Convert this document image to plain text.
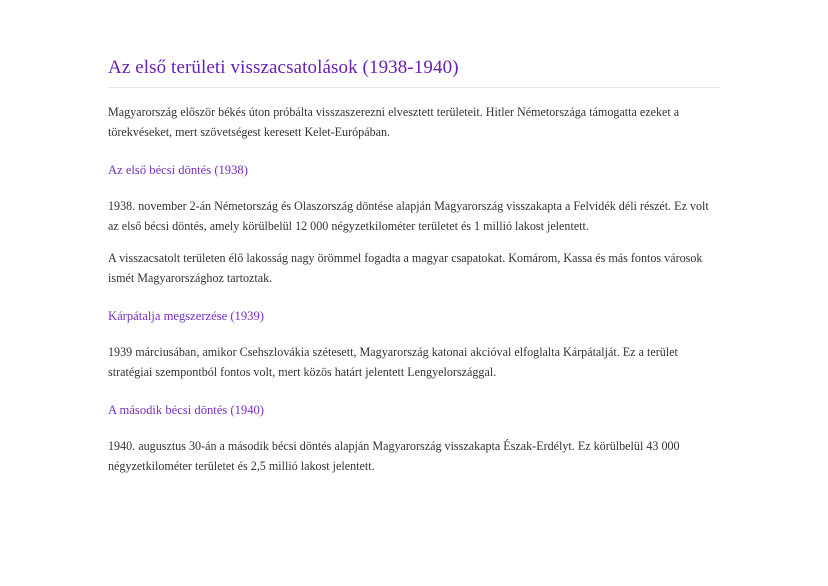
Az első területi visszacsatolások (1938-1940)

Magyarország először békés úton próbálta visszaszerezni elvesztett területeit. Hitler Németországa támogatta ezeket a törekvéseket, mert szövetségest keresett Kelet-Európában.

Az első bécsi döntés (1938)

1938. november 2-án Németország és Olaszország döntése alapján Magyarország visszakapta a Felvidék déli részét. Ez volt az első bécsi döntés, amely körülbelül 12 000 négyzetkilométer területet és 1 millió lakost jelentett.

A visszacsatolt területen élő lakosság nagy örömmel fogadta a magyar csapatokat. Komárom, Kassa és más fontos városok ismét Magyarországhoz tartoztak.

Kárpátalja megszerzése (1939)

1939 márciusában, amikor Csehszlovákia szétesett, Magyarország katonai akcióval elfoglalta Kárpátalját. Ez a terület stratégiai szempontból fontos volt, mert közös határt jelentett Lengyelországgal.

A második bécsi döntés (1940)

1940. augusztus 30-án a második bécsi döntés alapján Magyarország visszakapta Észak-Erdélyt. Ez körülbelül 43 000 négyzetkilométer területet és 2,5 millió lakost jelentett.
